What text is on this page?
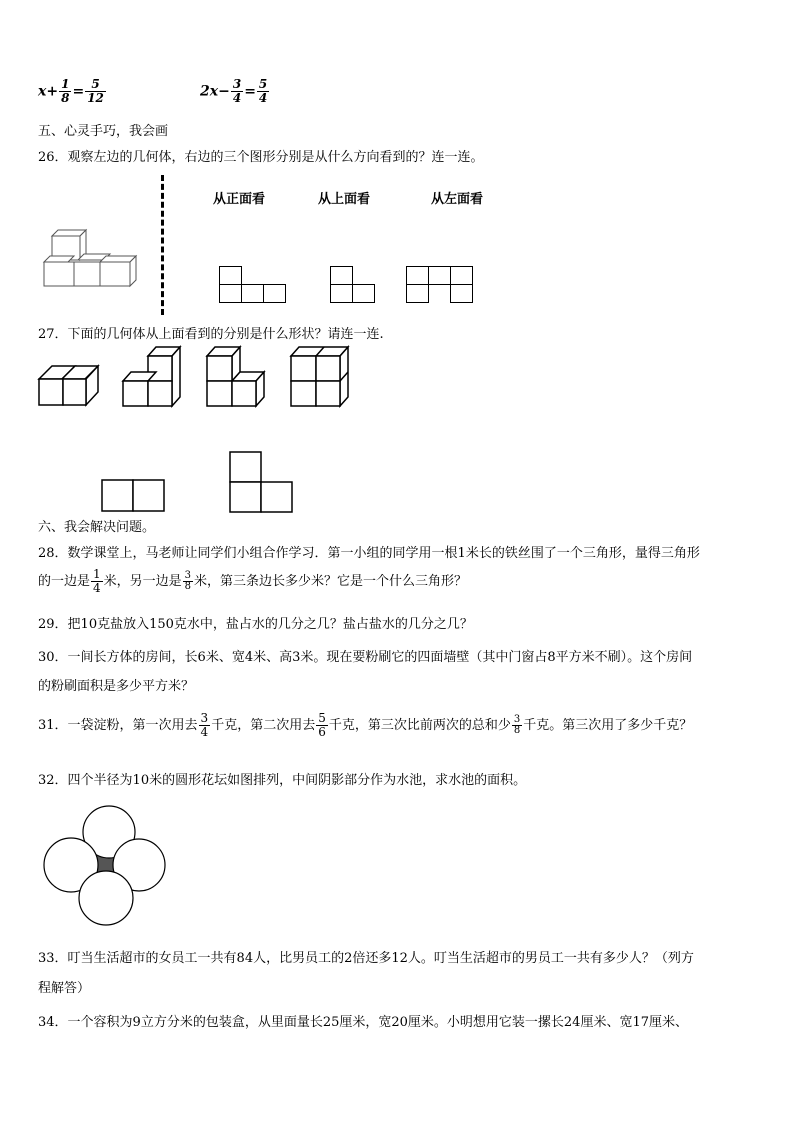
$x+ \frac{1}{8} = \frac{5}{12}$	$2x- \frac{3}{4} = \frac{5}{4}$
五、心灵手巧，我会画
26．观察左边的几何体，右边的三个图形分别是从什么方向看到的？连一连。
从正面看	从上面看	从左面看
27．下面的几何体从上面看到的分别是什么形状？请连一连.
六、我会解决问题。
28．数学课堂上，马老师让同学们小组合作学习．第一小组的同学用一根1米长的铁丝围了一个三角形，量得三角形
的一边是 $\frac{1}{4}$ 米，另一边是 $\frac{3}{8}$ 米，第三条边长多少米？它是一个什么三角形？
29．把10克盐放入150克水中，盐占水的几分之几？盐占盐水的几分之几？
30．一间长方体的房间，长6米、宽4米、高3米。现在要粉刷它的四面墙壁（其中门窗占8平方米不刷）。这个房间
的粉刷面积是多少平方米？
31．一袋淀粉，第一次用去 $\frac{3}{4}$ 千克，第二次用去 $\frac{5}{6}$ 千克，第三次比前两次的总和少 $\frac{3}{8}$ 千克。第三次用了多少千克？
32．四个半径为10米的圆形花坛如图排列，中间阴影部分作为水池，求水池的面积。
33．叮当生活超市的女员工一共有84人，比男员工的2倍还多12人。叮当生活超市的男员工一共有多少人？（列方
程解答）
34．一个容积为9立方分米的包装盒，从里面量长25厘米，宽20厘米。小明想用它装一摞长24厘米、宽17厘米、
